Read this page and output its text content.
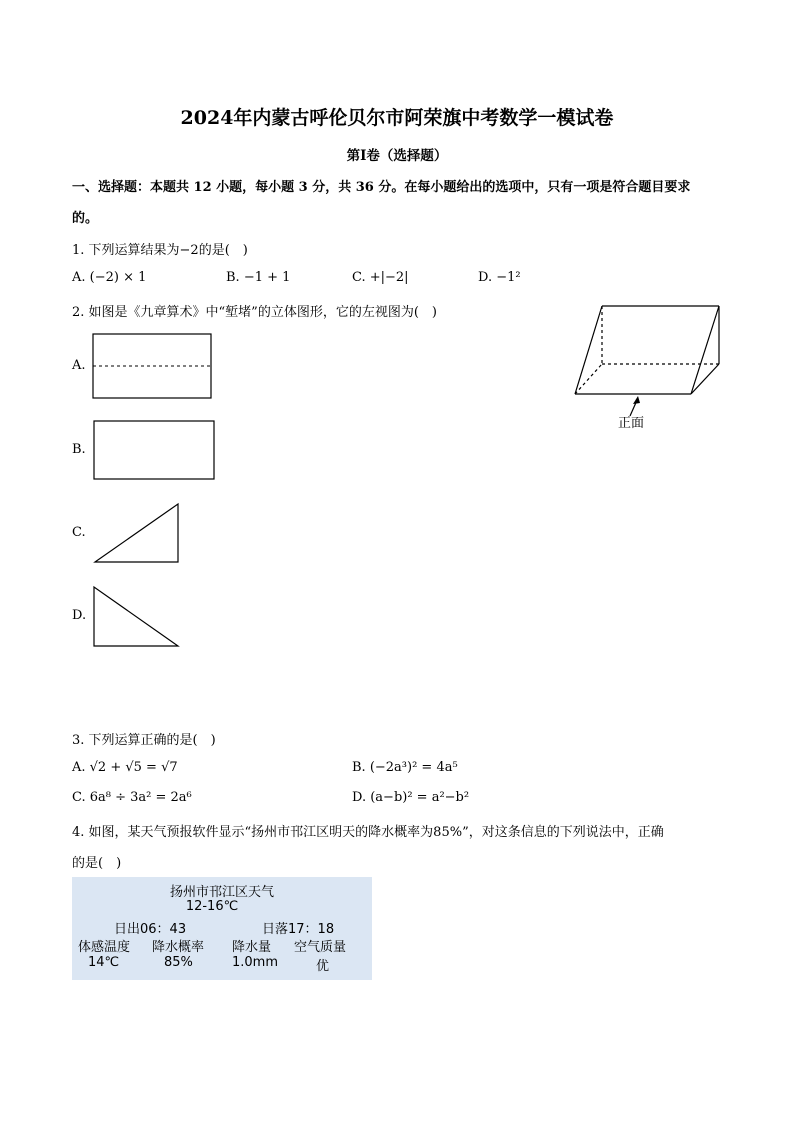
2024年内蒙古呼伦贝尔市阿荣旗中考数学一模试卷
第Ⅰ卷（选择题）
一、选择题：本题共 12 小题，每小题 3 分，共 36 分。在每小题给出的选项中，只有一项是符合题目要求
的。
1. 下列运算结果为−2的是(　)
A. (−2) × 1	B. −1 + 1	C. +|−2|	D. −1²
2. 如图是《九章算术》中“堑堵”的立体图形，它的左视图为(　)
正面
A.
B.
C.
D.
3. 下列运算正确的是(　)
A. √2 + √5 = √7	B. (−2a³)² = 4a⁵
C. 6a⁸ ÷ 3a² = 2a⁶	D. (a−b)² = a²−b²
4. 如图，某天气预报软件显示“扬州市邗江区明天的降水概率为85%”，对这条信息的下列说法中，正确
的是(　)
扬州市邗江区天气
12-16℃
日出06：43	日落17：18
体感温度 降水概率 降水量 空气质量
14℃	85%	1.0mm	优
